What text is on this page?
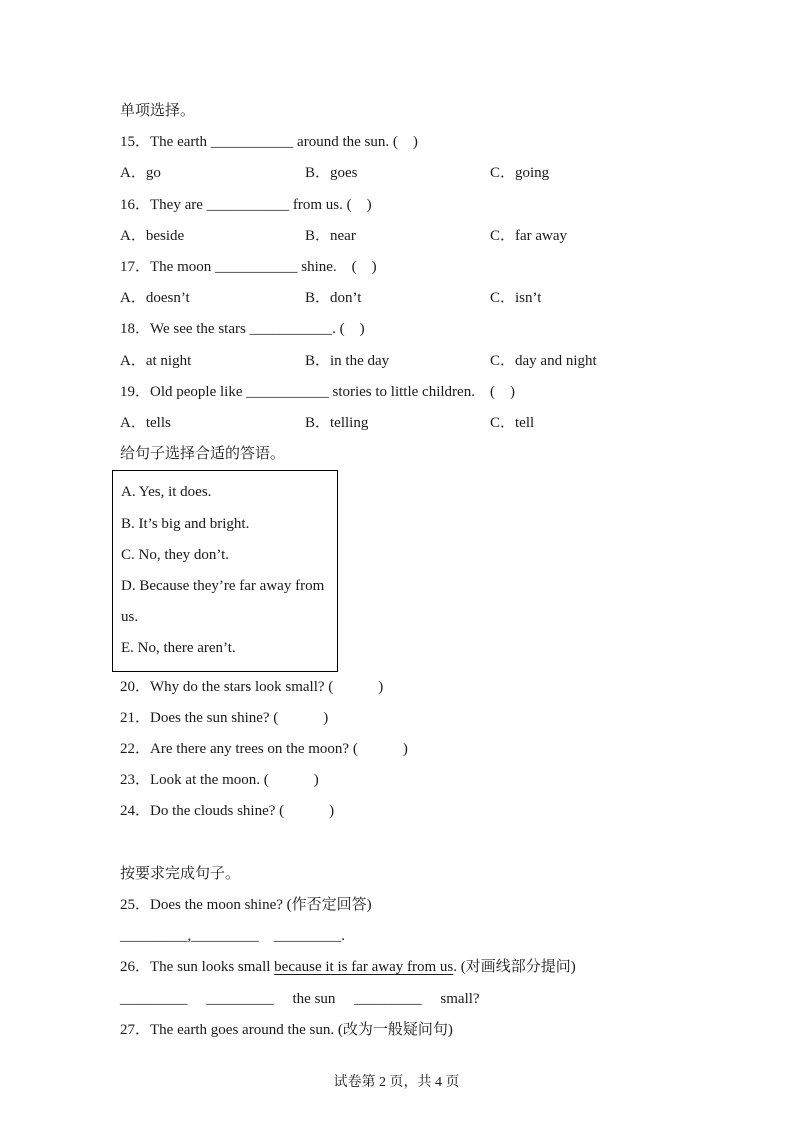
单项选择。
15．The earth ___________ around the sun. (　)
A．go	B．goes	C．going
16．They are ___________ from us. (　)
A．beside	B．near	C．far away
17．The moon ___________ shine.　(　)
A．doesn’t	B．don’t	C．isn’t
18．We see the stars ___________. (　)
A．at night	B．in the day	C．day and night
19．Old people like ___________ stories to little children.　(　)
A．tells	B．telling	C．tell
给句子选择合适的答语。
A. Yes, it does.
B. It’s big and bright.
C. No, they don’t.
D. Because they’re far away from us.
E. No, there aren’t.
20．Why do the stars look small? (　　　)
21．Does the sun shine? (　　　)
22．Are there any trees on the moon? (　　　)
23．Look at the moon. (　　　)
24．Do the clouds shine? (　　　)
按要求完成句子。
25．Does the moon shine? (作否定回答)
_________,_________    _________.
26．The sun looks small because it is far away from us. (对画线部分提问)
_________     _________     the sun     _________     small?
27．The earth goes around the sun. (改为一般疑问句)
试卷第 2 页，共 4 页
